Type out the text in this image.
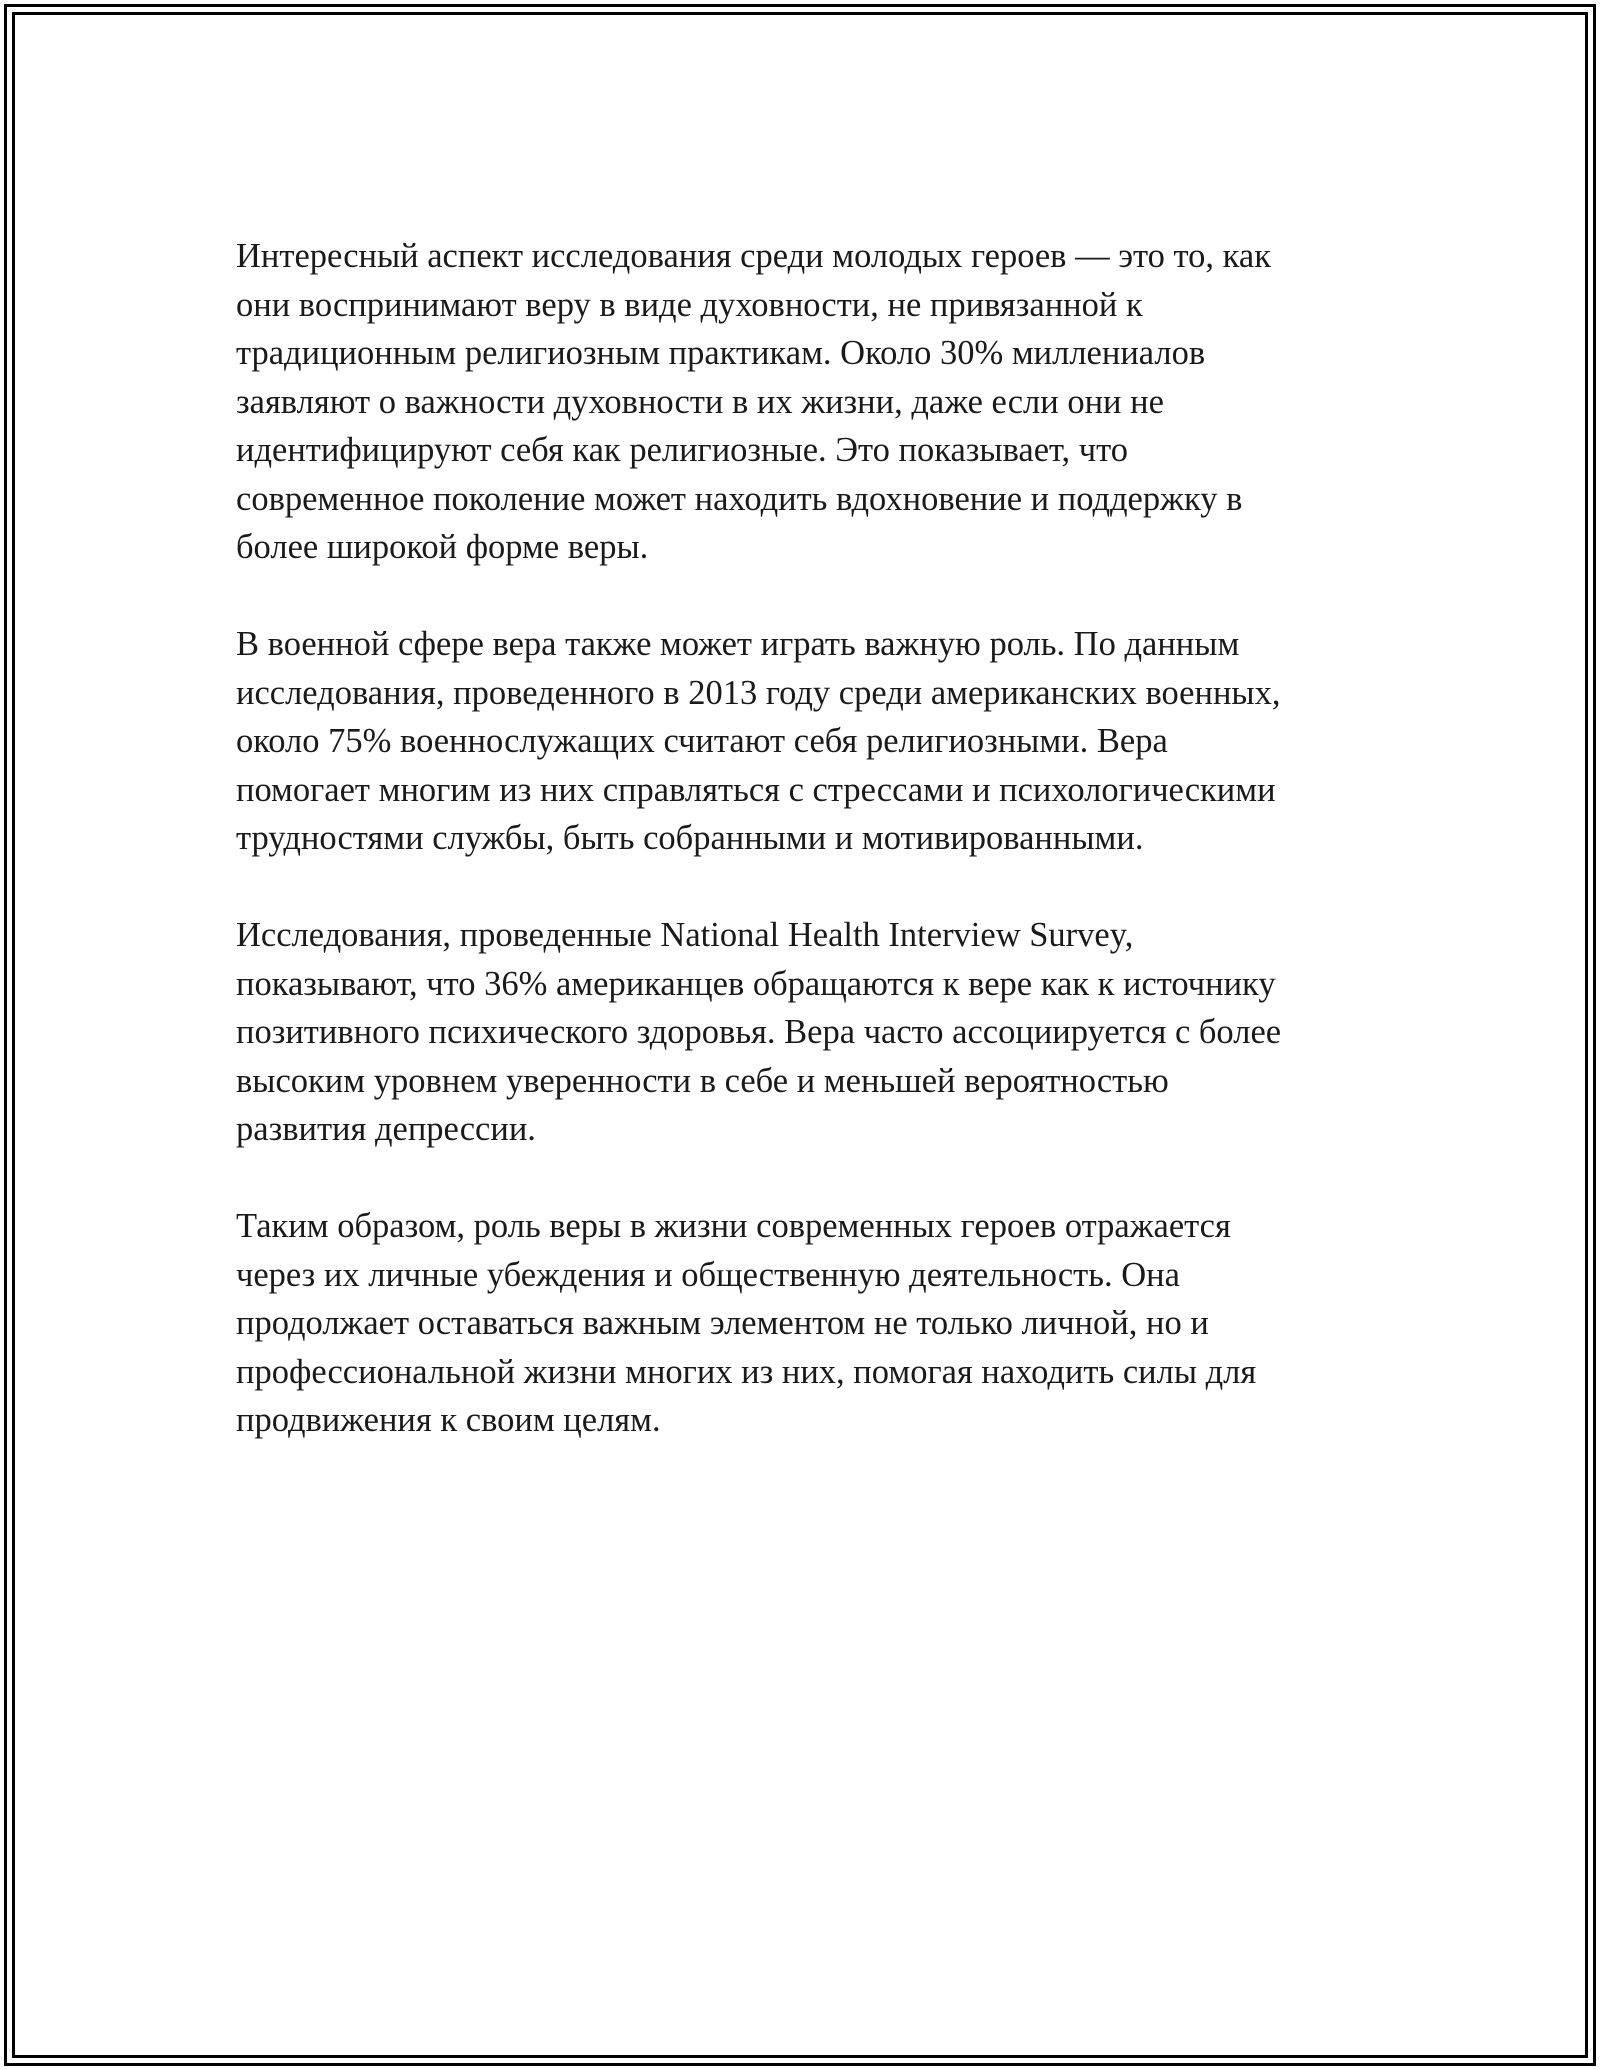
Интересный аспект исследования среди молодых героев — это то, как
они воспринимают веру в виде духовности, не привязанной к
традиционным религиозным практикам. Около 30% миллениалов
заявляют о важности духовности в их жизни, даже если они не
идентифицируют себя как религиозные. Это показывает, что
современное поколение может находить вдохновение и поддержку в
более широкой форме веры.

В военной сфере вера также может играть важную роль. По данным
исследования, проведенного в 2013 году среди американских военных,
около 75% военнослужащих считают себя религиозными. Вера
помогает многим из них справляться с стрессами и психологическими
трудностями службы, быть собранными и мотивированными.

Исследования, проведенные National Health Interview Survey,
показывают, что 36% американцев обращаются к вере как к источнику
позитивного психического здоровья. Вера часто ассоциируется с более
высоким уровнем уверенности в себе и меньшей вероятностью
развития депрессии.

Таким образом, роль веры в жизни современных героев отражается
через их личные убеждения и общественную деятельность. Она
продолжает оставаться важным элементом не только личной, но и
профессиональной жизни многих из них, помогая находить силы для
продвижения к своим целям.
